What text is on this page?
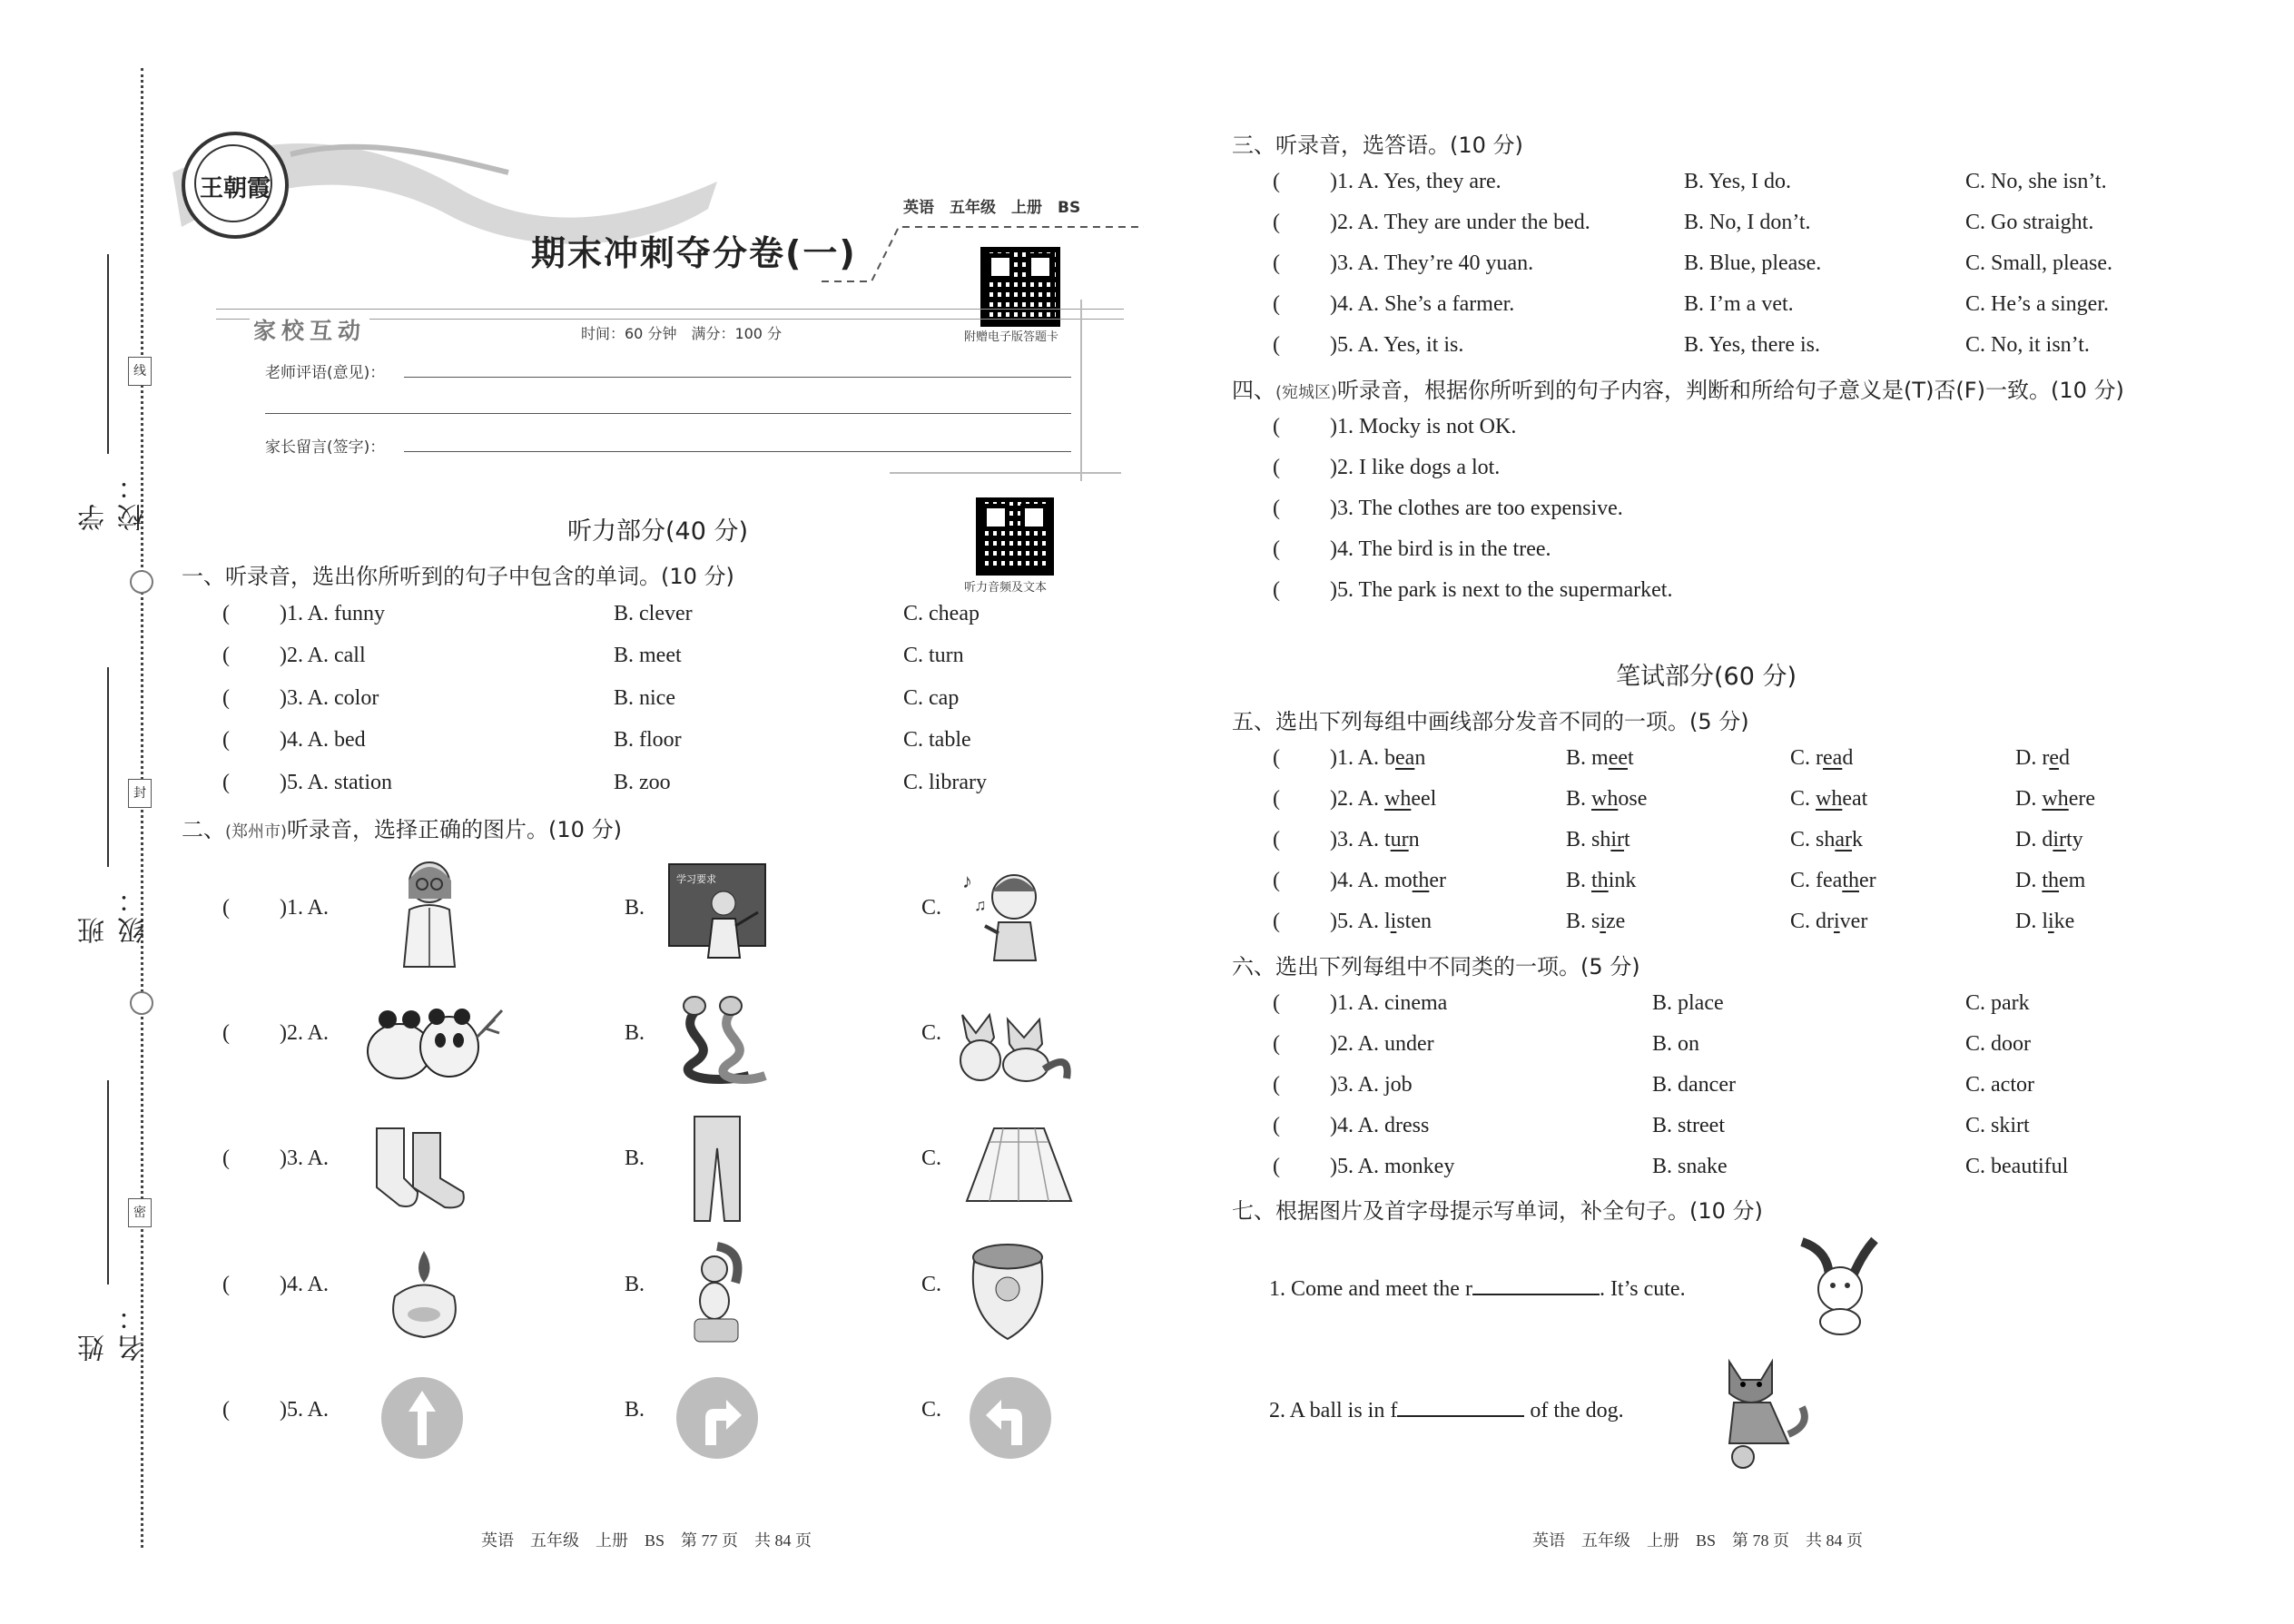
线
封
密
学校：
班级：
姓名：
王朝霞
期末冲刺夺分卷(一)
英语　五年级　上册　BS
附赠电子版答题卡
家校互动	时间：60 分钟　满分：100 分
老师评语(意见)：
家长留言(签字)：
听力部分(40 分)
听力音频及文本
一、听录音，选出你所听到的句子中包含的单词。(10 分)
( )1. A. funny	B. clever	C. cheap
( )2. A. call	B. meet	C. turn
( )3. A. color	B. nice	C. cap
( )4. A. bed	B. floor	C. table
( )5. A. station	B. zoo	C. library
二、(郑州市)听录音，选择正确的图片。(10 分)
( )1. A.	B.	C.
学习要求	♪
♫
( )2. A.	B.	C.
( )3. A.	B.	C.
( )4. A.	B.	C.
( )5. A.	B.	C.
三、听录音，选答语。(10 分)
( )1. A. Yes, they are.	B. Yes, I do.	C. No, she isn’t.
( )2. A. They are under the bed.	B. No, I don’t.	C. Go straight.
( )3. A. They’re 40 yuan.	B. Blue, please.	C. Small, please.
( )4. A. She’s a farmer.	B. I’m a vet.	C. He’s a singer.
( )5. A. Yes, it is.	B. Yes, there is.	C. No, it isn’t.
四、(宛城区)听录音，根据你所听到的句子内容，判断和所给句子意义是(T)否(F)一致。(10 分)
( )1. Mocky is not OK.
( )2. I like dogs a lot.
( )3. The clothes are too expensive.
( )4. The bird is in the tree.
( )5. The park is next to the supermarket.
笔试部分(60 分)
五、选出下列每组中画线部分发音不同的一项。(5 分)
( )1. A. bean	B. meet	C. read	D. red
( )2. A. wheel	B. whose	C. wheat	D. where
( )3. A. turn	B. shirt	C. shark	D. dirty
( )4. A. mother	B. think	C. feather	D. them
( )5. A. listen	B. size	C. driver	D. like
六、选出下列每组中不同类的一项。(5 分)
( )1. A. cinema	B. place	C. park
( )2. A. under	B. on	C. door
( )3. A. job	B. dancer	C. actor
( )4. A. dress	B. street	C. skirt
( )5. A. monkey	B. snake	C. beautiful
七、根据图片及首字母提示写单词，补全句子。(10 分)
1. Come and meet the r	. It’s cute.
2. A ball is in f	of the dog.
英语　五年级　上册　BS　第 77 页　共 84 页	英语　五年级　上册　BS　第 78 页　共 84 页
